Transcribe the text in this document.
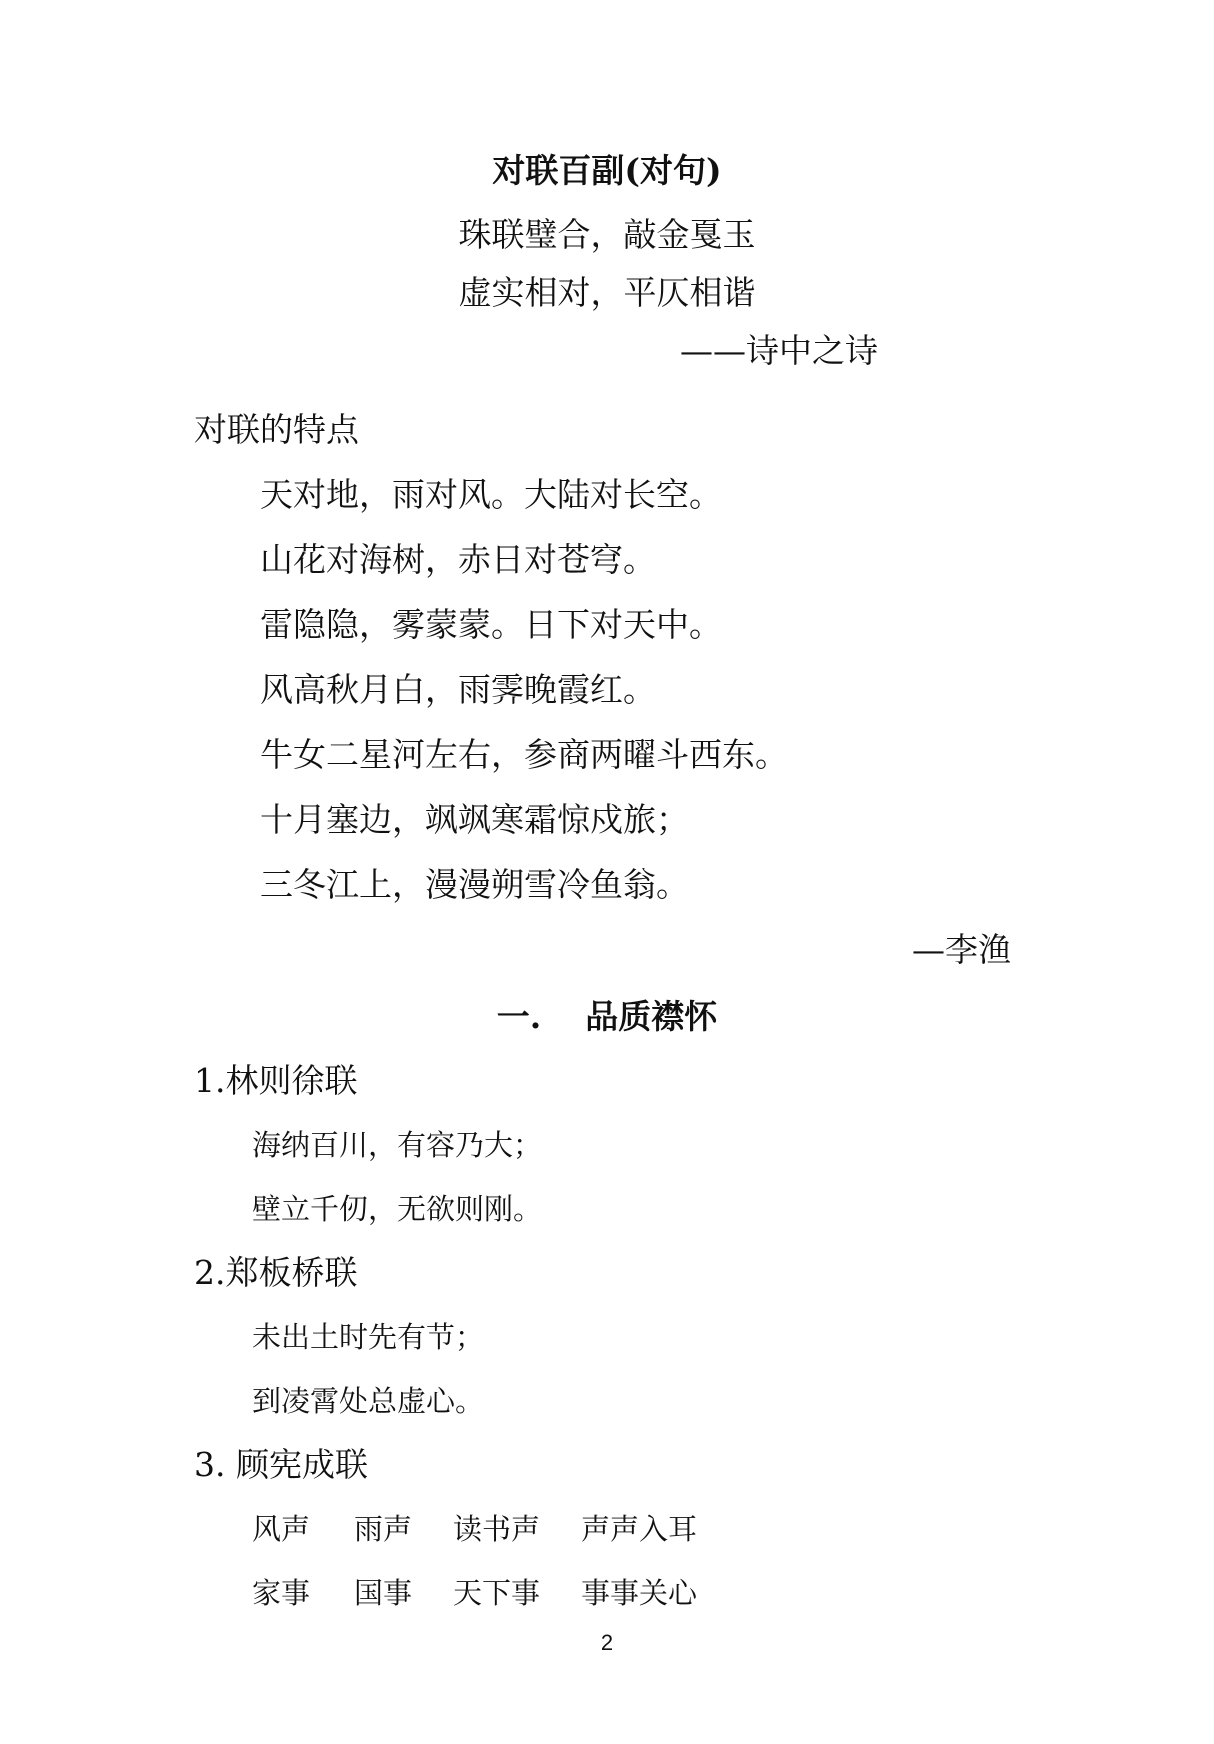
对联百副(对句)
珠联璧合，敲金戛玉
虚实相对，平仄相谐
——诗中之诗
对联的特点
天对地，雨对风。大陆对长空。
山花对海树，赤日对苍穹。
雷隐隐，雾蒙蒙。日下对天中。
风高秋月白，雨霁晚霞红。
牛女二星河左右，参商两曜斗西东。
十月塞边，飒飒寒霜惊戍旅；
三冬江上，漫漫朔雪冷鱼翁。
—李渔
一. 品质襟怀
1.林则徐联
海纳百川，有容乃大；
壁立千仞，无欲则刚。
2.郑板桥联
未出土时先有节；
到凌霄处总虚心。
3. 顾宪成联
风声 雨声 读书声 声声入耳
家事 国事 天下事 事事关心
2
